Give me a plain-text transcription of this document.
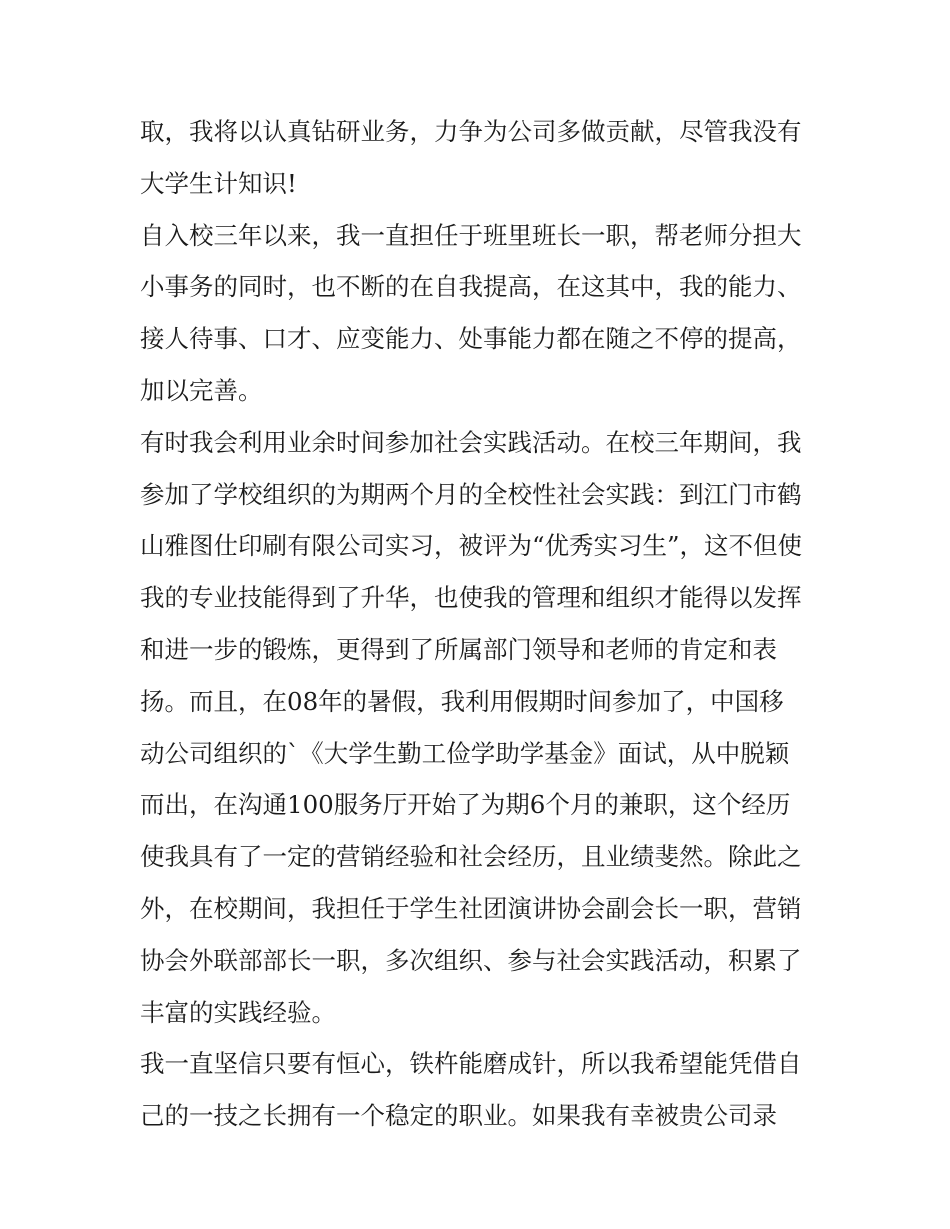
取，我将以认真钻研业务，力争为公司多做贡献，尽管我没有
大学生计知识!
自入校三年以来，我一直担任于班里班长一职，帮老师分担大
小事务的同时，也不断的在自我提高，在这其中，我的能力、
接人待事、口才、应变能力、处事能力都在随之不停的提高，
加以完善。
有时我会利用业余时间参加社会实践活动。在校三年期间，我
参加了学校组织的为期两个月的全校性社会实践：到江门市鹤
山雅图仕印刷有限公司实习，被评为“优秀实习生”，这不但使
我的专业技能得到了升华，也使我的管理和组织才能得以发挥
和进一步的锻炼，更得到了所属部门领导和老师的肯定和表
扬。而且，在08年的暑假，我利用假期时间参加了，中国移
动公司组织的`《大学生勤工俭学助学基金》面试，从中脱颖
而出，在沟通100服务厅开始了为期6个月的兼职，这个经历
使我具有了一定的营销经验和社会经历，且业绩斐然。除此之
外，在校期间，我担任于学生社团演讲协会副会长一职，营销
协会外联部部长一职，多次组织、参与社会实践活动，积累了
丰富的实践经验。
我一直坚信只要有恒心，铁杵能磨成针，所以我希望能凭借自
己的一技之长拥有一个稳定的职业。如果我有幸被贵公司录
